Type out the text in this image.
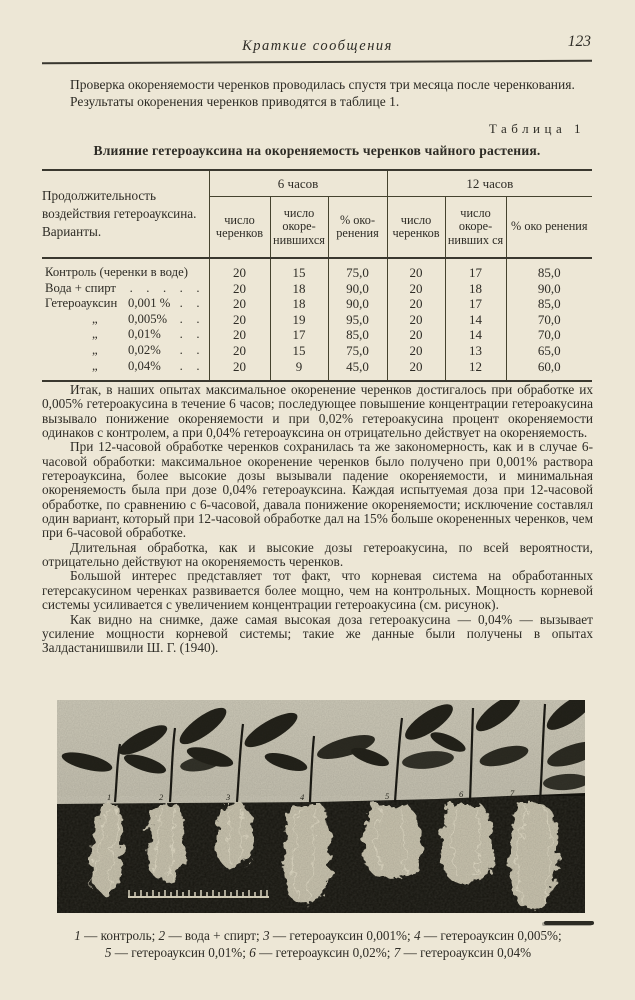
Краткие сообщения	123

Проверка окореняемости черенков проводилась спустя три месяца после черенкования.

Результаты окоренения черенков приводятся в таблице 1.

Таблица 1
Влияние гетероауксина на окореняемость черенков чайного растения.
Продолжительность воздействия гетероауксина. Варианты.	6 часов			12 часов		
	число черенков	число окоре нившихся	% око ренения	число черенков	число окоре нивших ся	% око ренения

Контроль (черенки в воде)	20	15	75,0	20	17	85,0

Вода + спирт .   .   .   .   .	20	18	90,0	20	18	90,0

Гетероауксин 0,001 % .   .	20	18	90,0	20	17	85,0

„ 0,005% .   .	20	19	95,0	20	14	70,0

„ 0,01% .   .	20	17	85,0	20	14	70,0

„ 0,02% .   .	20	15	75,0	20	13	65,0

„ 0,04% .   .	20	9	45,0	20	12	60,0

Итак, в наших опытах максимальное окоренение черенков достигалось при обработке их 0,005% гетероакусина в течение 6 часов; последующее повышение концентрации гетероакусина вызывало понижение окореняемости и при 0,02% гетероакусина процент окореняемости одинаков с контролем, а при 0,04% гетероауксина он отрицательно действует на окореняемость.

При 12-часовой обработке черенков сохранилась та же закономерность, как и в случае 6-часовой обработки: максимальное окоренение черенков было получено при 0,001% раствора гетероауксина, более высокие дозы вызывали падение окореняемости, и минимальная окореняемость была при дозе 0,04% гетероауксина. Каждая испытуемая доза при 12-часовой обработке, по сравнению с 6-часовой, давала понижение окореняемости; исключение составлял один вариант, который при 12-часовой обработке дал на 15% больше окорененных черенков, чем при 6-часовой обработке.

Длительная обработка, как и высокие дозы гетероакусина, по всей вероятности, отрицательно действуют на окореняемость черенков.

Большой интерес представляет тот факт, что корневая система на обработанных гетерсакусином черенках развивается более мощно, чем на контрольных. Мощность корневой системы усиливается с увеличением концентрации гетероакусина (см. рисунок).

Как видно на снимке, даже самая высокая доза гетероакусина — 0,04% — вызывает усиление мощности корневой системы; такие же данные были получены в опытах Залдастанишвили Ш. Г. (1940).

1	2	3	4	5	6	7
1 — контроль; 2 — вода + спирт; 3 — гетероауксин 0,001%; 4 — гетероауксин 0,005%;
5 — гетероауксин 0,01%; 6 — гетероауксин 0,02%; 7 — гетероауксин 0,04%
